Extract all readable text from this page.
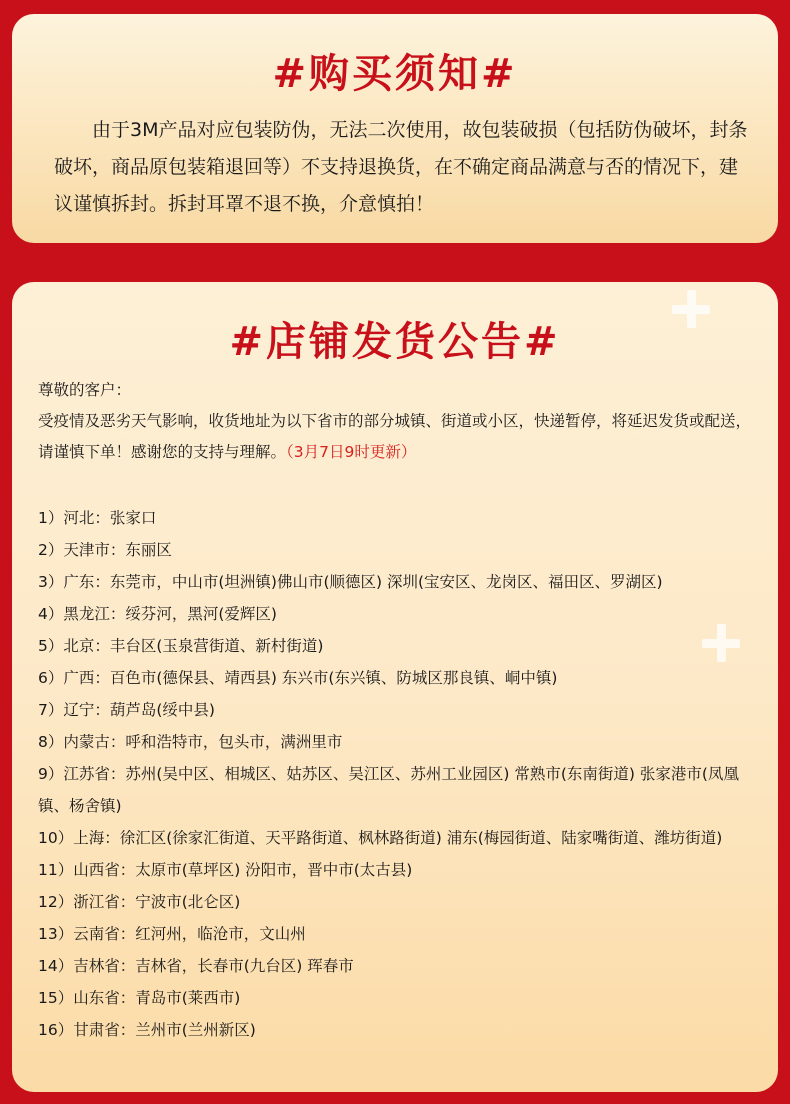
#购买须知#
由于3M产品对应包装防伪，无法二次使用，故包装破损（包括防伪破坏，封条破坏，商品原包装箱退回等）不支持退换货，在不确定商品满意与否的情况下，建议谨慎拆封。拆封耳罩不退不换，介意慎拍！
#店铺发货公告#
尊敬的客户：
受疫情及恶劣天气影响，收货地址为以下省市的部分城镇、街道或小区，快递暂停，将延迟发货或配送，请谨慎下单！感谢您的支持与理解。（3月7日9时更新）
1）河北：张家口
2）天津市：东丽区
3）广东：东莞市，中山市(坦洲镇)佛山市(顺德区) 深圳(宝安区、龙岗区、福田区、罗湖区)
4）黑龙江：绥芬河，黑河(爱辉区)
5）北京：丰台区(玉泉营街道、新村街道)
6）广西：百色市(德保县、靖西县) 东兴市(东兴镇、防城区那良镇、峒中镇)
7）辽宁：葫芦岛(绥中县)
8）内蒙古：呼和浩特市，包头市，满洲里市
9）江苏省：苏州(吴中区、相城区、姑苏区、吴江区、苏州工业园区) 常熟市(东南街道) 张家港市(凤凰镇、杨舍镇)
10）上海：徐汇区(徐家汇街道、天平路街道、枫林路街道) 浦东(梅园街道、陆家嘴街道、潍坊街道)
11）山西省：太原市(草坪区) 汾阳市，晋中市(太古县)
12）浙江省：宁波市(北仑区)
13）云南省：红河州，临沧市，文山州
14）吉林省：吉林省，长春市(九台区) 珲春市
15）山东省：青岛市(莱西市)
16）甘肃省：兰州市(兰州新区)
